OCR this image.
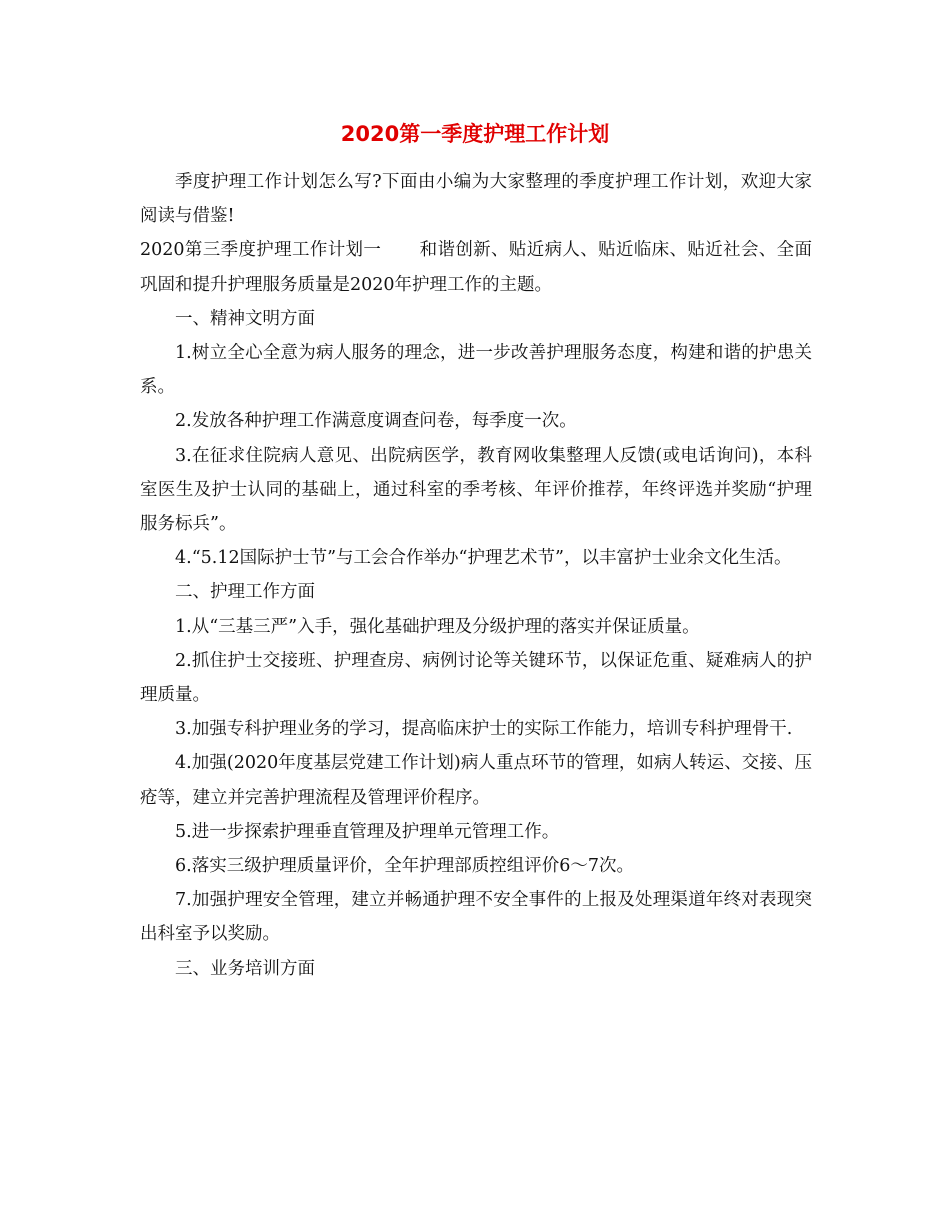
2020第一季度护理工作计划

季度护理工作计划怎么写?下面由小编为大家整理的季度护理工作计划，欢迎大家阅读与借鉴!

2020第三季度护理工作计划一 和谐创新、贴近病人、贴近临床、贴近社会、全面巩固和提升护理服务质量是2020年护理工作的主题。

一、精神文明方面

1.树立全心全意为病人服务的理念，进一步改善护理服务态度，构建和谐的护患关系。

2.发放各种护理工作满意度调查问卷，每季度一次。

3.在征求住院病人意见、出院病医学，教育网收集整理人反馈(或电话询问)，本科室医生及护士认同的基础上，通过科室的季考核、年评价推荐，年终评选并奖励“护理服务标兵”。

4.“5.12国际护士节”与工会合作举办“护理艺术节”，以丰富护士业余文化生活。

二、护理工作方面

1.从“三基三严”入手，强化基础护理及分级护理的落实并保证质量。

2.抓住护士交接班、护理查房、病例讨论等关键环节，以保证危重、疑难病人的护理质量。

3.加强专科护理业务的学习，提高临床护士的实际工作能力，培训专科护理骨干.

4.加强(2020年度基层党建工作计划)病人重点环节的管理，如病人转运、交接、压疮等，建立并完善护理流程及管理评价程序。

5.进一步探索护理垂直管理及护理单元管理工作。

6.落实三级护理质量评价，全年护理部质控组评价6～7次。

7.加强护理安全管理，建立并畅通护理不安全事件的上报及处理渠道年终对表现突出科室予以奖励。

三、业务培训方面
